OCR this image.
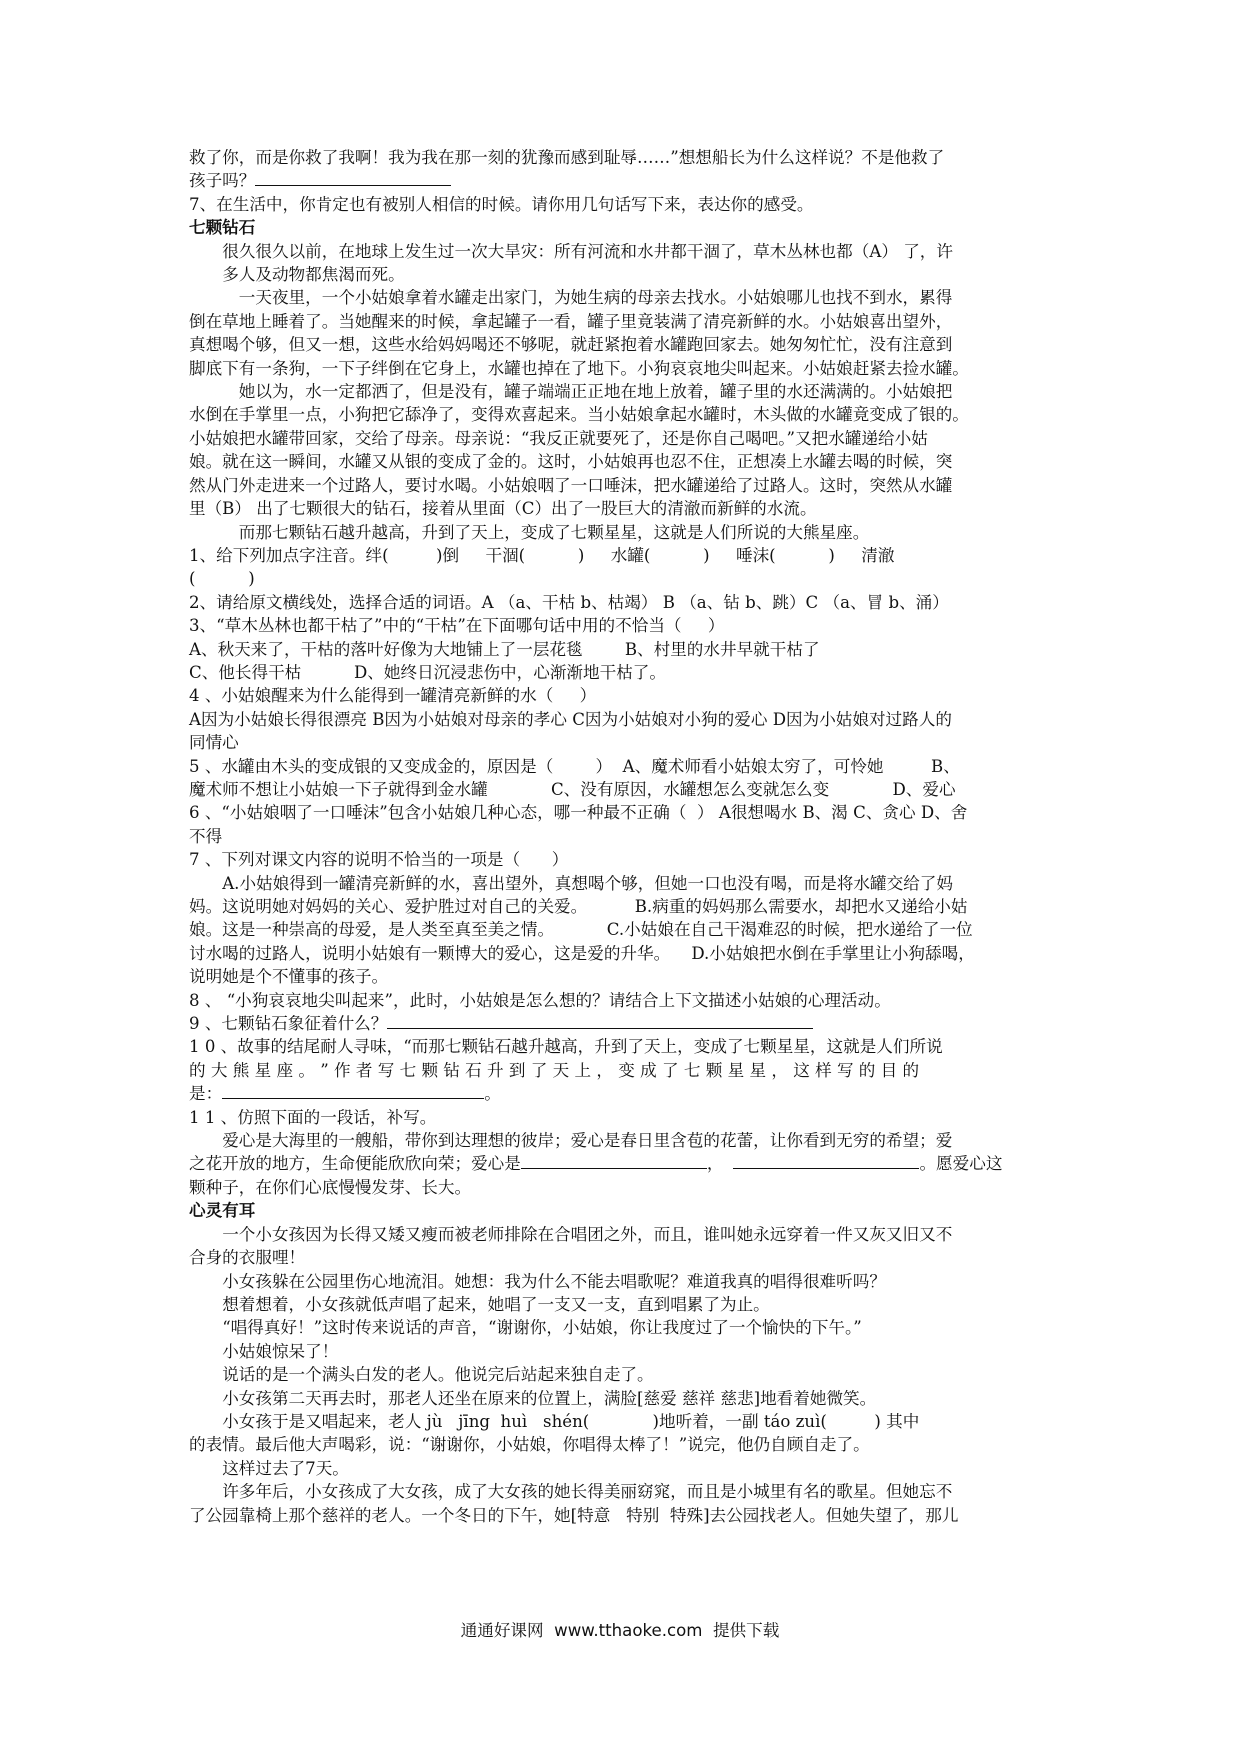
救了你，而是你救了我啊！我为我在那一刻的犹豫而感到耻辱……”想想船长为什么这样说？不是他救了

孩子吗？

7、在生活中，你肯定也有被别人相信的时候。请你用几句话写下来，表达你的感受。

七颗钻石

很久很久以前，在地球上发生过一次大旱灾：所有河流和水井都干涸了，草木丛林也都（A） 了，许

多人及动物都焦渴而死。

一天夜里，一个小姑娘拿着水罐走出家门，为她生病的母亲去找水。小姑娘哪儿也找不到水，累得

倒在草地上睡着了。当她醒来的时候，拿起罐子一看，罐子里竟装满了清亮新鲜的水。小姑娘喜出望外，

真想喝个够，但又一想，这些水给妈妈喝还不够呢，就赶紧抱着水罐跑回家去。她匆匆忙忙，没有注意到

脚底下有一条狗，一下子绊倒在它身上，水罐也掉在了地下。小狗哀哀地尖叫起来。小姑娘赶紧去捡水罐。

她以为，水一定都洒了，但是没有，罐子端端正正地在地上放着，罐子里的水还满满的。小姑娘把

水倒在手掌里一点，小狗把它舔净了，变得欢喜起来。当小姑娘拿起水罐时，木头做的水罐竟变成了银的。

小姑娘把水罐带回家，交给了母亲。母亲说：“我反正就要死了，还是你自己喝吧。”又把水罐递给小姑

娘。就在这一瞬间，水罐又从银的变成了金的。这时，小姑娘再也忍不住，正想凑上水罐去喝的时候，突

然从门外走进来一个过路人，要讨水喝。小姑娘咽了一口唾沫，把水罐递给了过路人。这时，突然从水罐

里（B） 出了七颗很大的钻石，接着从里面（C）出了一股巨大的清澈而新鲜的水流。

而那七颗钻石越升越高，升到了天上，变成了七颗星星，这就是人们所说的大熊星座。

1、给下列加点字注音。绊(         )倒     干涸(          )     水罐(          )     唾沫(          )     清澈

(          )

2、请给原文横线处，选择合适的词语。A （a、干枯 b、枯竭） B （a、钻 b、跳）C （a、冒 b、涌）

3、“草木丛林也都干枯了”中的“干枯”在下面哪句话中用的不恰当（     ）

A、秋天来了，干枯的落叶好像为大地铺上了一层花毯        B、村里的水井早就干枯了

C、他长得干枯          D、她终日沉浸悲伤中，心渐渐地干枯了。

4 、小姑娘醒来为什么能得到一罐清亮新鲜的水（     ）

A因为小姑娘长得很漂亮 B因为小姑娘对母亲的孝心 C因为小姑娘对小狗的爱心 D因为小姑娘对过路人的

同情心

5 、水罐由木头的变成银的又变成金的，原因是（        ）  A、魔术师看小姑娘太穷了，可怜她         B、

魔术师不想让小姑娘一下子就得到金水罐            C、没有原因，水罐想怎么变就怎么变            D、爱心

6 、“小姑娘咽了一口唾沫”包含小姑娘几种心态，哪一种最不正确（  ） A很想喝水 B、渴 C、贪心 D、舍

不得

7 、下列对课文内容的说明不恰当的一项是（      ）

A.小姑娘得到一罐清亮新鲜的水，喜出望外，真想喝个够，但她一口也没有喝，而是将水罐交给了妈

妈。这说明她对妈妈的关心、爱护胜过对自己的关爱。         B.病重的妈妈那么需要水，却把水又递给小姑

娘。这是一种崇高的母爱，是人类至真至美之情。          C.小姑娘在自己干渴难忍的时候，把水递给了一位

讨水喝的过路人，说明小姑娘有一颗博大的爱心，这是爱的升华。    D.小姑娘把水倒在手掌里让小狗舔喝，

说明她是个不懂事的孩子。

8 、 “小狗哀哀地尖叫起来”，此时，小姑娘是怎么想的？请结合上下文描述小姑娘的心理活动。

9 、七颗钻石象征着什么？

1 0 、故事的结尾耐人寻味，“而那七颗钻石越升越高，升到了天上，变成了七颗星星，这就是人们所说

的 大 熊 星 座 。 ” 作 者 写 七 颗 钻 石 升 到 了 天 上 ， 变 成 了 七 颗 星 星 ， 这 样 写 的 目 的

是：	。

1 1 、仿照下面的一段话，补写。

爱心是大海里的一艘船，带你到达理想的彼岸；爱心是春日里含苞的花蕾，让你看到无穷的希望；爱

之花开放的地方，生命便能欣欣向荣；爱心是	，	。愿爱心这

颗种子，在你们心底慢慢发芽、长大。

心灵有耳

一个小女孩因为长得又矮又瘦而被老师排除在合唱团之外，而且，谁叫她永远穿着一件又灰又旧又不

合身的衣服哩！

小女孩躲在公园里伤心地流泪。她想：我为什么不能去唱歌呢？难道我真的唱得很难听吗？

想着想着，小女孩就低声唱了起来，她唱了一支又一支，直到唱累了为止。

“唱得真好！”这时传来说话的声音，“谢谢你，小姑娘，你让我度过了一个愉快的下午。”

小姑娘惊呆了！

说话的是一个满头白发的老人。他说完后站起来独自走了。

小女孩第二天再去时，那老人还坐在原来的位置上，满脸[慈爱 慈祥 慈悲]地看着她微笑。

小女孩于是又唱起来，老人 jù   jīng  huì   shén(            )地听着，一副 táo zuì(         ) 其中

的表情。最后他大声喝彩，说：“谢谢你，小姑娘，你唱得太棒了！”说完，他仍自顾自走了。

这样过去了7天。

许多年后，小女孩成了大女孩，成了大女孩的她长得美丽窈窕，而且是小城里有名的歌星。但她忘不

了公园靠椅上那个慈祥的老人。一个冬日的下午，她[特意   特别  特殊]去公园找老人。但她失望了，那儿

通通好课网  www.tthaoke.com  提供下载
